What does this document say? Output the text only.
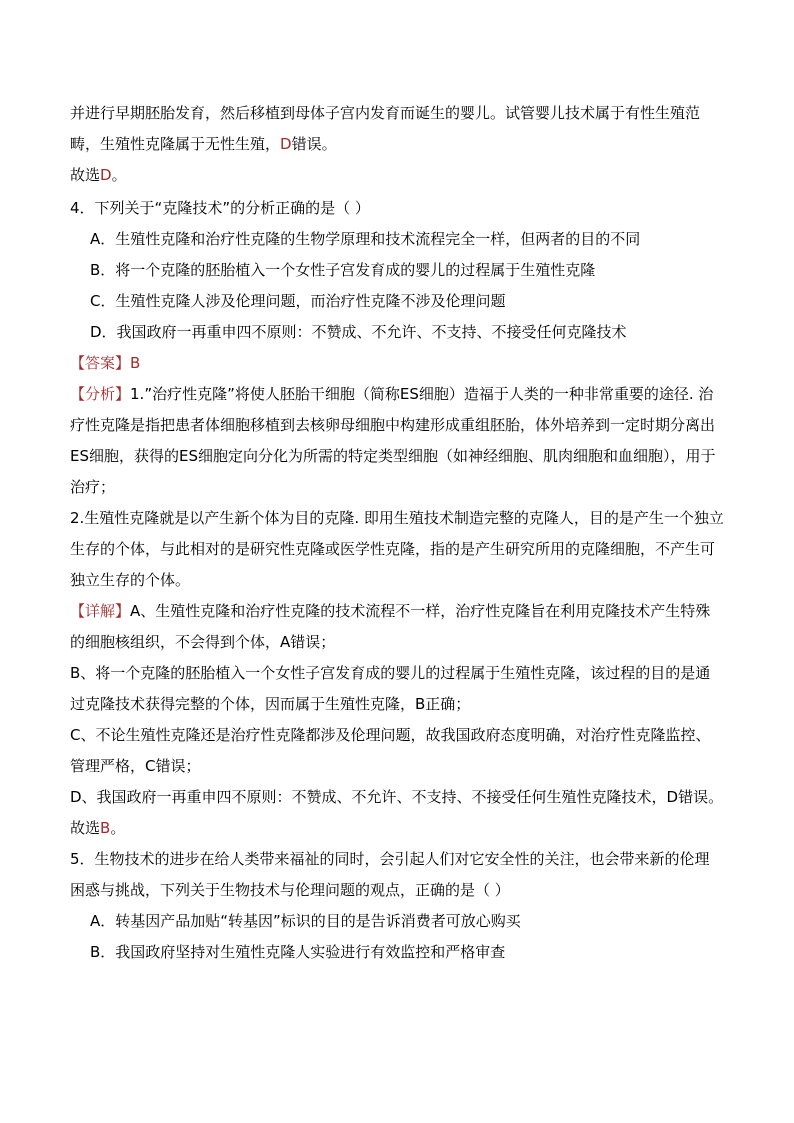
并进行早期胚胎发育，然后移植到母体子宫内发育而诞生的婴儿。试管婴儿技术属于有性生殖范畴，生殖性克隆属于无性生殖，D错误。

故选D。

4．下列关于“克隆技术”的分析正确的是（ ）

A．生殖性克隆和治疗性克隆的生物学原理和技术流程完全一样，但两者的目的不同

B．将一个克隆的胚胎植入一个女性子宫发育成的婴儿的过程属于生殖性克隆

C．生殖性克隆人涉及伦理问题，而治疗性克隆不涉及伦理问题

D．我国政府一再重申四不原则：不赞成、不允许、不支持、不接受任何克隆技术

【答案】B

【分析】1.”治疗性克隆”将使人胚胎干细胞（简称ES细胞）造福于人类的一种非常重要的途径. 治疗性克隆是指把患者体细胞移植到去核卵母细胞中构建形成重组胚胎，体外培养到一定时期分离出ES细胞，获得的ES细胞定向分化为所需的特定类型细胞（如神经细胞、肌肉细胞和血细胞），用于治疗；

2.生殖性克隆就是以产生新个体为目的克隆. 即用生殖技术制造完整的克隆人，目的是产生一个独立生存的个体，与此相对的是研究性克隆或医学性克隆，指的是产生研究所用的克隆细胞，不产生可独立生存的个体。

【详解】A、生殖性克隆和治疗性克隆的技术流程不一样，治疗性克隆旨在利用克隆技术产生特殊的细胞核组织，不会得到个体，A错误；

B、将一个克隆的胚胎植入一个女性子宫发育成的婴儿的过程属于生殖性克隆，该过程的目的是通过克隆技术获得完整的个体，因而属于生殖性克隆，B正确；

C、不论生殖性克隆还是治疗性克隆都涉及伦理问题，故我国政府态度明确，对治疗性克隆监控、管理严格，C错误；

D、我国政府一再重申四不原则：不赞成、不允许、不支持、不接受任何生殖性克隆技术，D错误。

故选B。

5．生物技术的进步在给人类带来福祉的同时，会引起人们对它安全性的关注，也会带来新的伦理困惑与挑战，下列关于生物技术与伦理问题的观点，正确的是（ ）

A．转基因产品加贴“转基因”标识的目的是告诉消费者可放心购买

B．我国政府坚持对生殖性克隆人实验进行有效监控和严格审查
